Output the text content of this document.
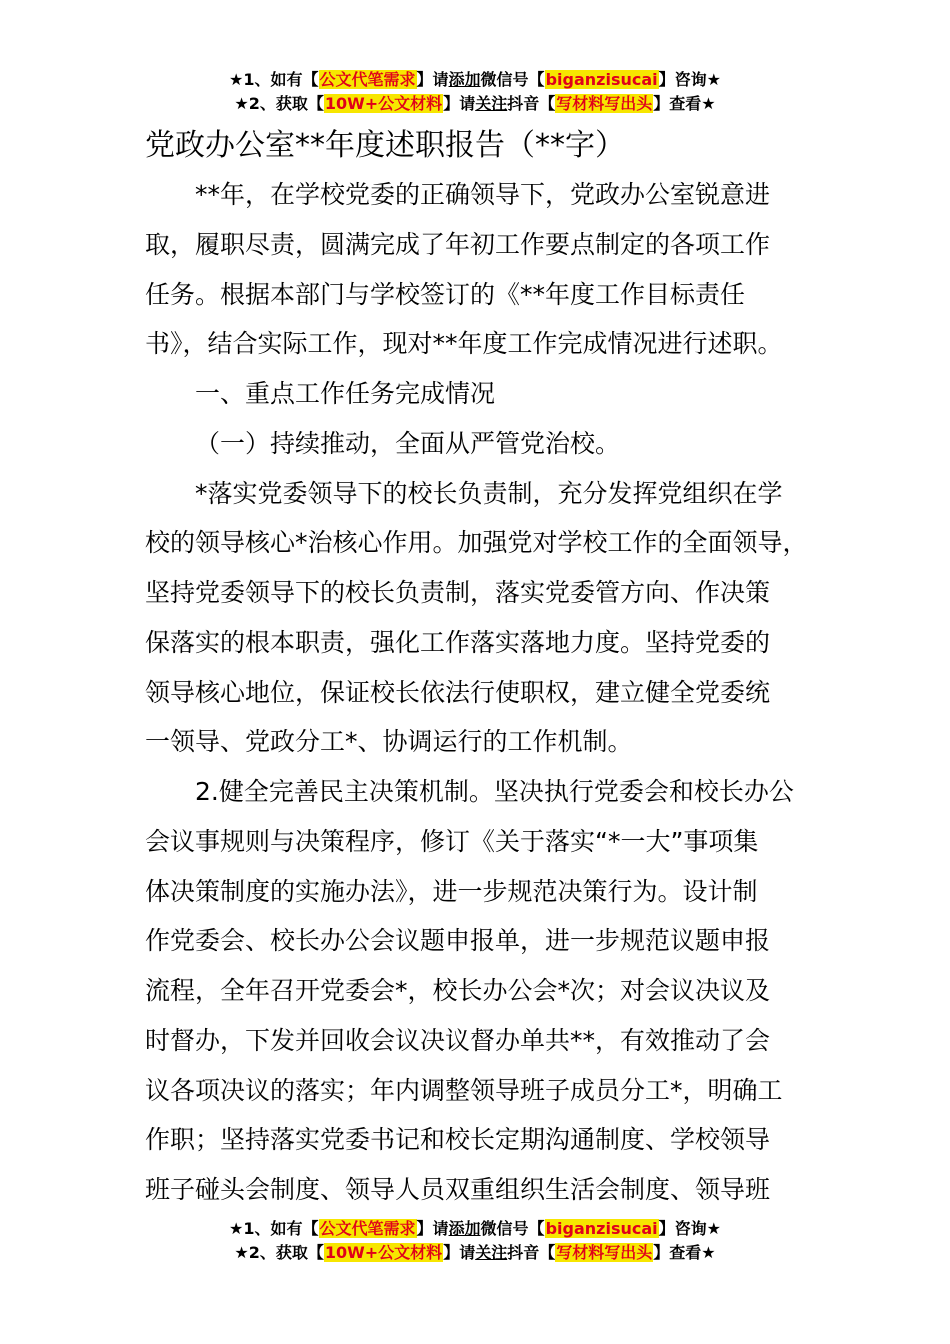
★1、如有【公文代笔需求】请添加微信号【biganzisucai】咨询★
★2、获取【10W+公文材料】请关注抖音【写材料写出头】查看★
党政办公室**年度述职报告（**字）
**年，在学校党委的正确领导下，党政办公室锐意进
取，履职尽责，圆满完成了年初工作要点制定的各项工作
任务。根据本部门与学校签订的《**年度工作目标责任
书》，结合实际工作，现对**年度工作完成情况进行述职。
一、重点工作任务完成情况
（一）持续推动，全面从严管党治校。
*落实党委领导下的校长负责制，充分发挥党组织在学
校的领导核心*治核心作用。加强党对学校工作的全面领导，
坚持党委领导下的校长负责制，落实党委管方向、作决策
保落实的根本职责，强化工作落实落地力度。坚持党委的
领导核心地位，保证校长依法行使职权，建立健全党委统
一领导、党政分工*、协调运行的工作机制。
2.健全完善民主决策机制。坚决执行党委会和校长办公
会议事规则与决策程序，修订《关于落实“*一大”事项集
体决策制度的实施办法》，进一步规范决策行为。设计制
作党委会、校长办公会议题申报单，进一步规范议题申报
流程，全年召开党委会*，校长办公会*次；对会议决议及
时督办，下发并回收会议决议督办单共**，有效推动了会
议各项决议的落实；年内调整领导班子成员分工*，明确工
作职；坚持落实党委书记和校长定期沟通制度、学校领导
班子碰头会制度、领导人员双重组织生活会制度、领导班
★1、如有【公文代笔需求】请添加微信号【biganzisucai】咨询★
★2、获取【10W+公文材料】请关注抖音【写材料写出头】查看★
